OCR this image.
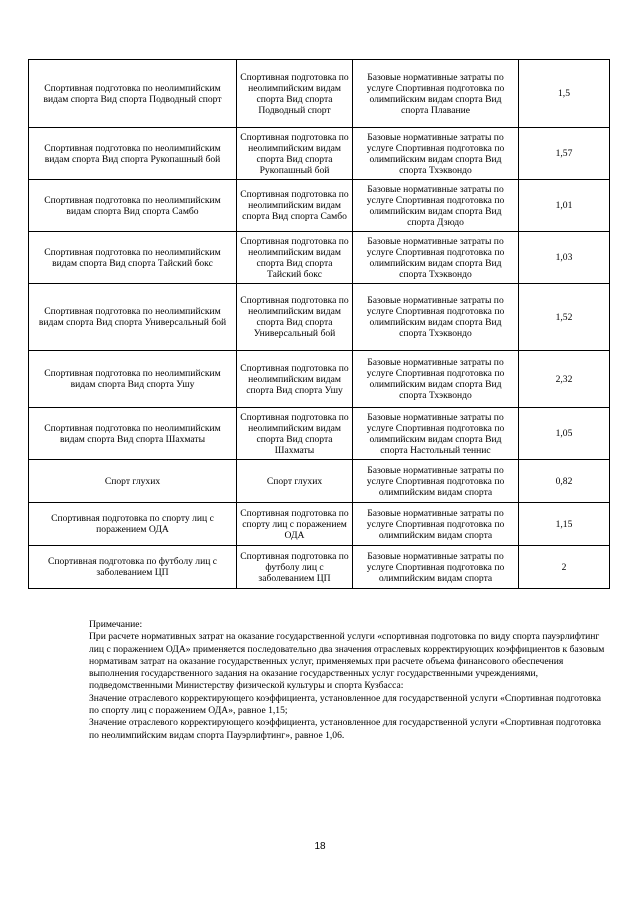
Спортивная подготовка по неолимпийским видам спорта Вид спорта Подводный спорт	Спортивная подготовка по неолимпийским видам спорта Вид спорта Подводный спорт	Базовые нормативные затраты по услуге Спортивная подготовка по олимпийским видам спорта Вид спорта Плавание	1,5
Спортивная подготовка по неолимпийским видам спорта Вид спорта Рукопашный бой	Спортивная подготовка по неолимпийским видам спорта Вид спорта Рукопашный бой	Базовые нормативные затраты по услуге Спортивная подготовка по олимпийским видам спорта Вид спорта Тхэквондо	1,57
Спортивная подготовка по неолимпийским видам спорта Вид спорта Самбо	Спортивная подготовка по неолимпийским видам спорта Вид спорта Самбо	Базовые нормативные затраты по услуге Спортивная подготовка по олимпийским видам спорта Вид спорта Дзюдо	1,01
Спортивная подготовка по неолимпийским видам спорта Вид спорта Тайский бокс	Спортивная подготовка по неолимпийским видам спорта Вид спорта Тайский бокс	Базовые нормативные затраты по услуге Спортивная подготовка по олимпийским видам спорта Вид спорта Тхэквондо	1,03
Спортивная подготовка по неолимпийским видам спорта Вид спорта Универсальный бой	Спортивная подготовка по неолимпийским видам спорта Вид спорта Универсальный бой	Базовые нормативные затраты по услуге Спортивная подготовка по олимпийским видам спорта Вид спорта Тхэквондо	1,52
Спортивная подготовка по неолимпийским видам спорта Вид спорта Ушу	Спортивная подготовка по неолимпийским видам спорта Вид спорта Ушу	Базовые нормативные затраты по услуге Спортивная подготовка по олимпийским видам спорта Вид спорта Тхэквондо	2,32
Спортивная подготовка по неолимпийским видам спорта Вид спорта Шахматы	Спортивная подготовка по неолимпийским видам спорта Вид спорта Шахматы	Базовые нормативные затраты по услуге Спортивная подготовка по олимпийским видам спорта Вид спорта Настольный теннис	1,05
Спорт глухих	Спорт глухих	Базовые нормативные затраты по услуге Спортивная подготовка по олимпийским видам спорта	0,82
Спортивная подготовка по спорту лиц с поражением ОДА	Спортивная подготовка по спорту лиц с поражением ОДА	Базовые нормативные затраты по услуге Спортивная подготовка по олимпийским видам спорта	1,15
Спортивная подготовка по футболу лиц с заболеванием ЦП	Спортивная подготовка по футболу лиц с заболеванием ЦП	Базовые нормативные затраты по услуге Спортивная подготовка по олимпийским видам спорта	2
Примечание:
При расчете нормативных затрат на оказание государственной услуги «спортивная подготовка по виду спорта пауэрлифтинг лиц с поражением ОДА» применяется последовательно два значения отраслевых корректирующих коэффициентов к базовым нормативам затрат на оказание государственных услуг, применяемых при расчете объема финансового обеспечения выполнения государственного задания на оказание государственных услуг государственными учреждениями, подведомственными Министерству физической культуры и спорта Кузбасса:
Значение отраслевого корректирующего коэффициента, установленное для государственной услуги «Спортивная подготовка по спорту лиц с поражением ОДА», равное 1,15;
Значение отраслевого корректирующего коэффициента, установленное для государственной услуги «Спортивная подготовка по неолимпийским видам спорта Пауэрлифтинг», равное 1,06.
18
